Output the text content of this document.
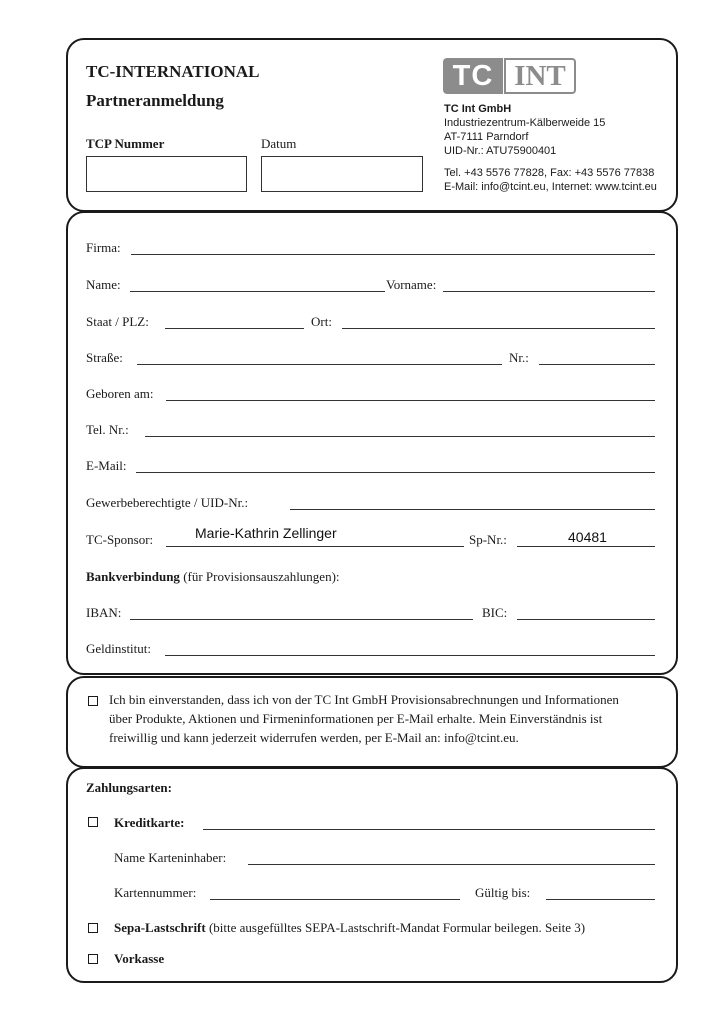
TC-INTERNATIONAL
Partneranmeldung
TCP Nummer	Datum
TC INT
TC Int GmbH
Industriezentrum-Kälberweide 15
AT-7111 Parndorf
UID-Nr.: ATU75900401
Tel. +43 5576 77828, Fax: +43 5576 77838
E-Mail: info@tcint.eu, Internet: www.tcint.eu
Firma:
Name:	Vorname:
Staat / PLZ:	Ort:
Straße:	Nr.:
Geboren am:
Tel. Nr.:
E-Mail:
Gewerbeberechtigte / UID-Nr.:
TC-Sponsor:	Marie-Kathrin Zellinger	Sp-Nr.:	40481
Bankverbindung (für Provisionsauszahlungen):
IBAN:	BIC:
Geldinstitut:
Ich bin einverstanden, dass ich von der TC Int GmbH Provisionsabrechnungen und Informationen
über Produkte, Aktionen und Firmeninformationen per E-Mail erhalte. Mein Einverständnis ist
freiwillig und kann jederzeit widerrufen werden, per E-Mail an: info@tcint.eu.
Zahlungsarten:
Kreditkarte:
Name Karteninhaber:
Kartennummer:	Gültig bis:
Sepa-Lastschrift (bitte ausgefülltes SEPA-Lastschrift-Mandat Formular beilegen. Seite 3)
Vorkasse
